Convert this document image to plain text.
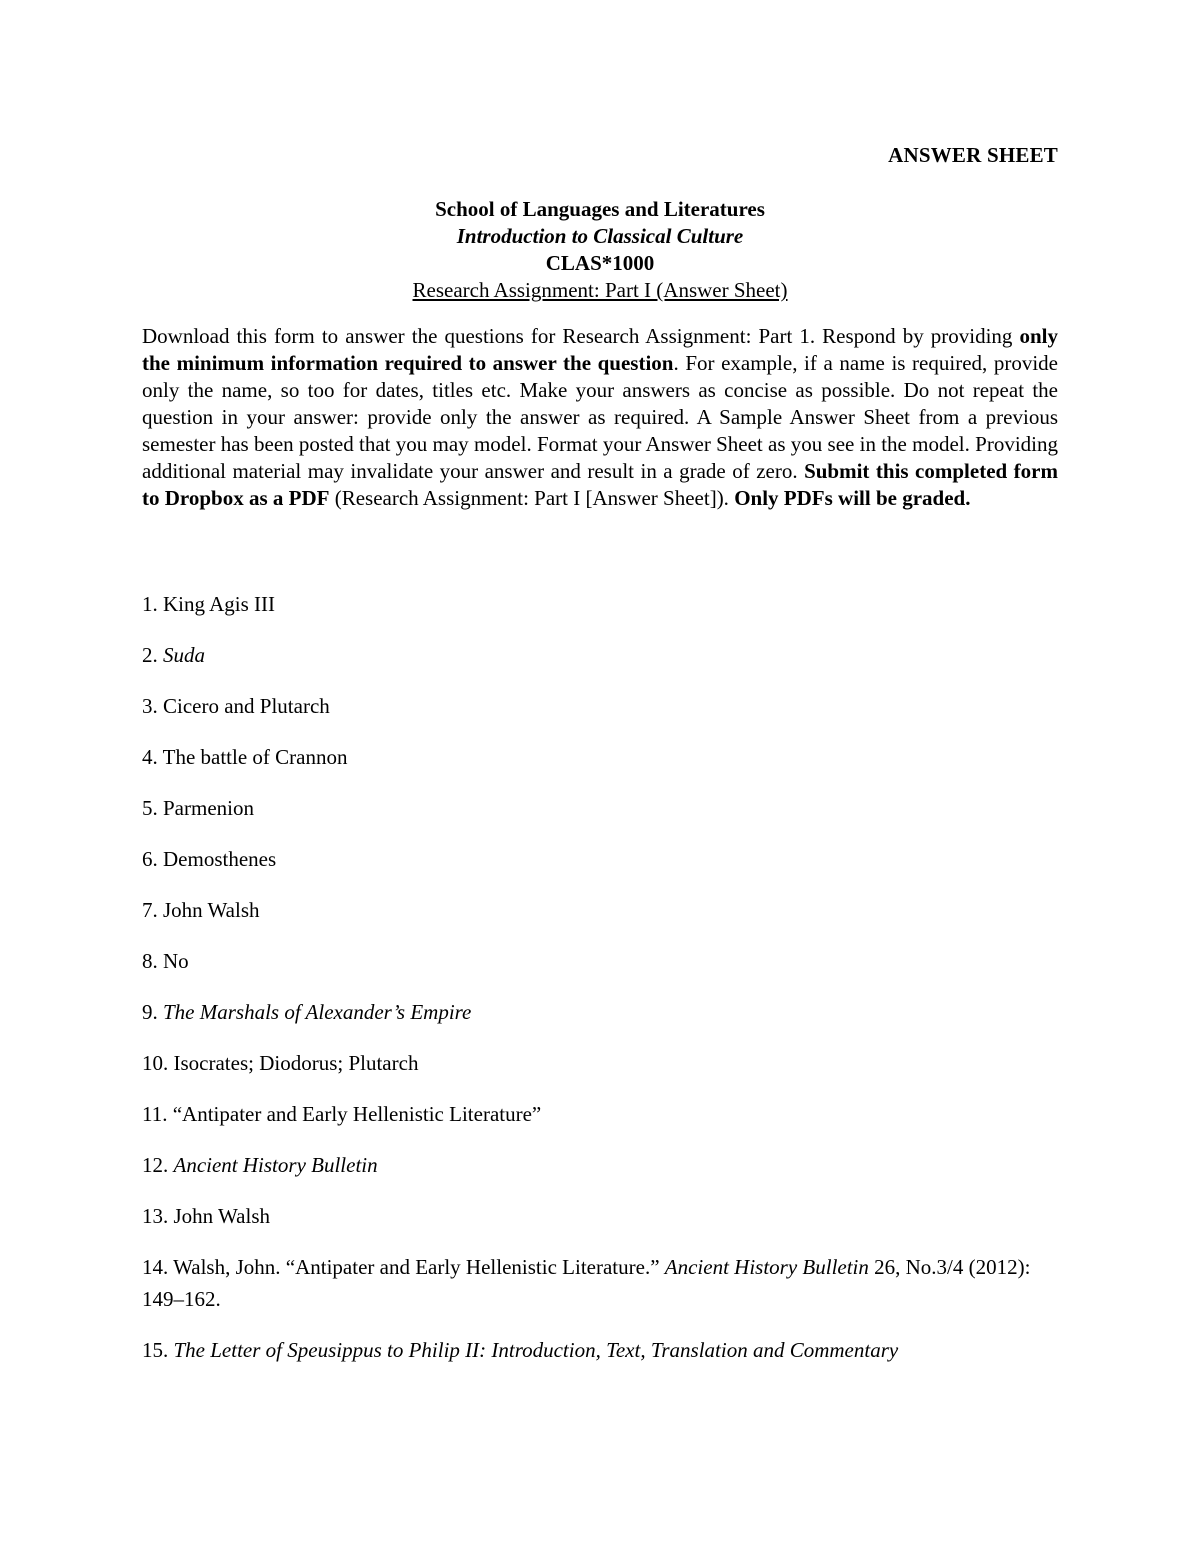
ANSWER SHEET
School of Languages and Literatures
Introduction to Classical Culture
CLAS*1000
Research Assignment: Part I (Answer Sheet)

Download this form to answer the questions for Research Assignment: Part 1. Respond by providing only the minimum information required to answer the question. For example, if a name is required, provide only the name, so too for dates, titles etc. Make your answers as concise as possible. Do not repeat the question in your answer: provide only the answer as required. A Sample Answer Sheet from a previous semester has been posted that you may model. Format your Answer Sheet as you see in the model. Providing additional material may invalidate your answer and result in a grade of zero. Submit this completed form to Dropbox as a PDF (Research Assignment: Part I [Answer Sheet]). Only PDFs will be graded.

1. King Agis III
2. Suda
3. Cicero and Plutarch
4. The battle of Crannon
5. Parmenion
6. Demosthenes
7. John Walsh
8. No
9. The Marshals of Alexander’s Empire
10. Isocrates; Diodorus; Plutarch
11. “Antipater and Early Hellenistic Literature”
12. Ancient History Bulletin
13. John Walsh
14. Walsh, John. “Antipater and Early Hellenistic Literature.” Ancient History Bulletin 26, No.3/4 (2012): 149–162.
15. The Letter of Speusippus to Philip II: Introduction, Text, Translation and Commentary
